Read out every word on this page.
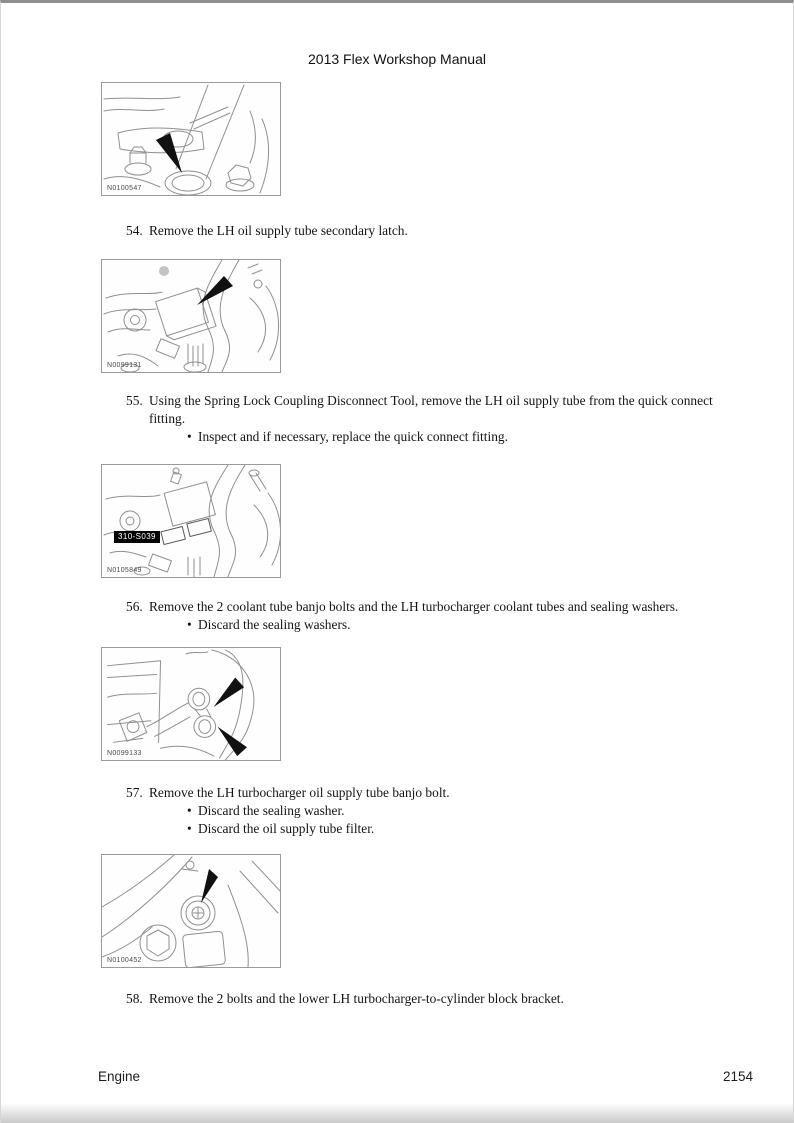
2013 Flex Workshop Manual
N0100547
54. Remove the LH oil supply tube secondary latch.
N0099131
55. Using the Spring Lock Coupling Disconnect Tool, remove the LH oil supply tube from the quick connect fitting.
• Inspect and if necessary, replace the quick connect fitting.
310-S039
N0105849
56. Remove the 2 coolant tube banjo bolts and the LH turbocharger coolant tubes and sealing washers.
• Discard the sealing washers.
N0099133
57. Remove the LH turbocharger oil supply tube banjo bolt.
• Discard the sealing washer.
• Discard the oil supply tube filter.
N0100452
58. Remove the 2 bolts and the lower LH turbocharger-to-cylinder block bracket.
Engine	2154
